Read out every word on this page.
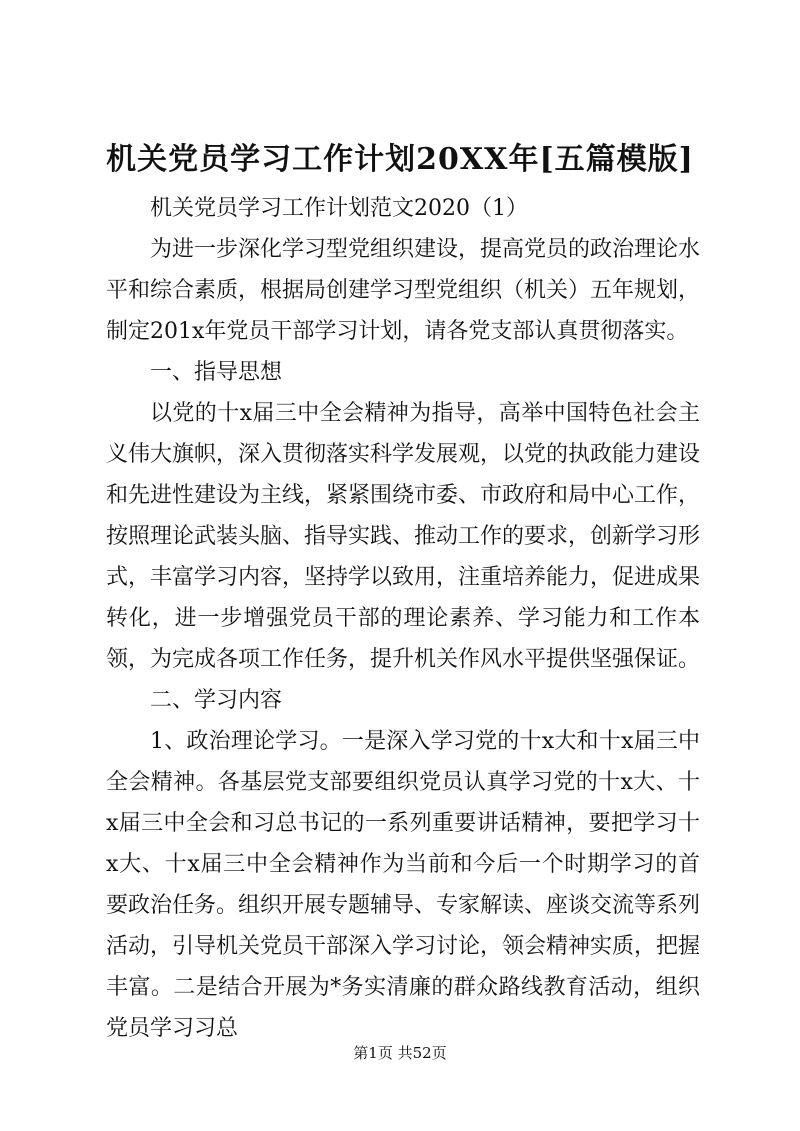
机关党员学习工作计划20XX年[五篇模版]

机关党员学习工作计划范文2020（1）

为进一步深化学习型党组织建设，提高党员的政治理论水平和综合素质，根据局创建学习型党组织（机关）五年规划，制定201x年党员干部学习计划，请各党支部认真贯彻落实。

一、指导思想

以党的十x届三中全会精神为指导，高举中国特色社会主义伟大旗帜，深入贯彻落实科学发展观，以党的执政能力建设和先进性建设为主线，紧紧围绕市委、市政府和局中心工作，按照理论武装头脑、指导实践、推动工作的要求，创新学习形式，丰富学习内容，坚持学以致用，注重培养能力，促进成果转化，进一步增强党员干部的理论素养、学习能力和工作本领，为完成各项工作任务，提升机关作风水平提供坚强保证。

二、学习内容

1、政治理论学习。一是深入学习党的十x大和十x届三中全会精神。各基层党支部要组织党员认真学习党的十x大、十x届三中全会和习总书记的一系列重要讲话精神，要把学习十x大、十x届三中全会精神作为当前和今后一个时期学习的首要政治任务。组织开展专题辅导、专家解读、座谈交流等系列活动，引导机关党员干部深入学习讨论，领会精神实质，把握丰富。二是结合开展为*务实清廉的群众路线教育活动，组织党员学习习总

第1页 共52页
